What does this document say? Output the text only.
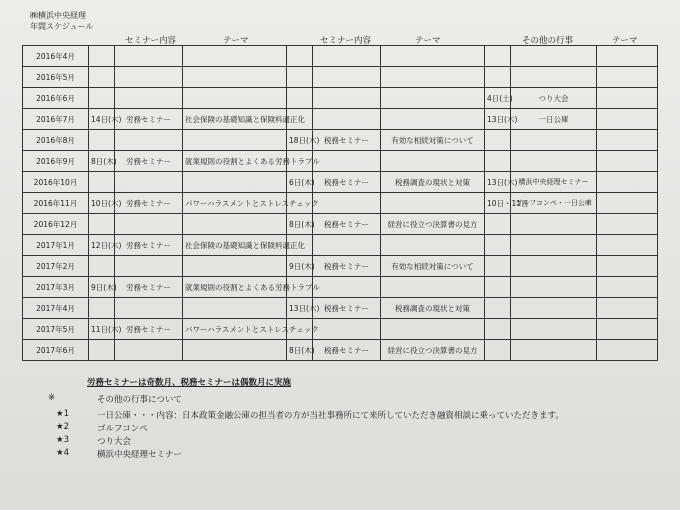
㈱横浜中央経理
年間スケジュール
セミナー内容	テーマ	セミナー内容	テーマ	その他の行事	テーマ
2016年4月									
2016年5月									
2016年6月							4日(土)	つり大会	
2016年7月	14日(木)	労務セミナー	社会保険の基礎知識と保険料適正化				13日(木)	一日公庫	
2016年8月				18日(木)	税務セミナー	有効な相続対策について			
2016年9月	8日(木)	労務セミナー	就業規則の役割とよくある労務トラブル						
2016年10月				6日(木)	税務セミナー	税務調査の現状と対策	13日(木)	横浜中央経理セミナー	
2016年11月	10日(木)	労務セミナー	パワーハラスメントとストレスチェック				10日・11日	ゴルフコンペ・一日公庫	
2016年12月				8日(木)	税務セミナー	経営に役立つ決算書の見方			
2017年1月	12日(木)	労務セミナー	社会保険の基礎知識と保険料適正化						
2017年2月				9日(木)	税務セミナー	有効な相続対策について			
2017年3月	9日(木)	労務セミナー	就業規則の役割とよくある労務トラブル						
2017年4月				13日(木)	税務セミナー	税務調査の現状と対策			
2017年5月	11日(木)	労務セミナー	パワーハラスメントとストレスチェック						
2017年6月				8日(木)	税務セミナー	経営に役立つ決算書の見方			
労務セミナーは奇数月、税務セミナーは偶数月に実施
※	その他の行事について
★1	一日公庫・・・内容：日本政策金融公庫の担当者の方が当社事務所にて来所していただき融資相談に乗っていただきます。
★2	ゴルフコンペ
★3	つり大会
★4	横浜中央経理セミナー
